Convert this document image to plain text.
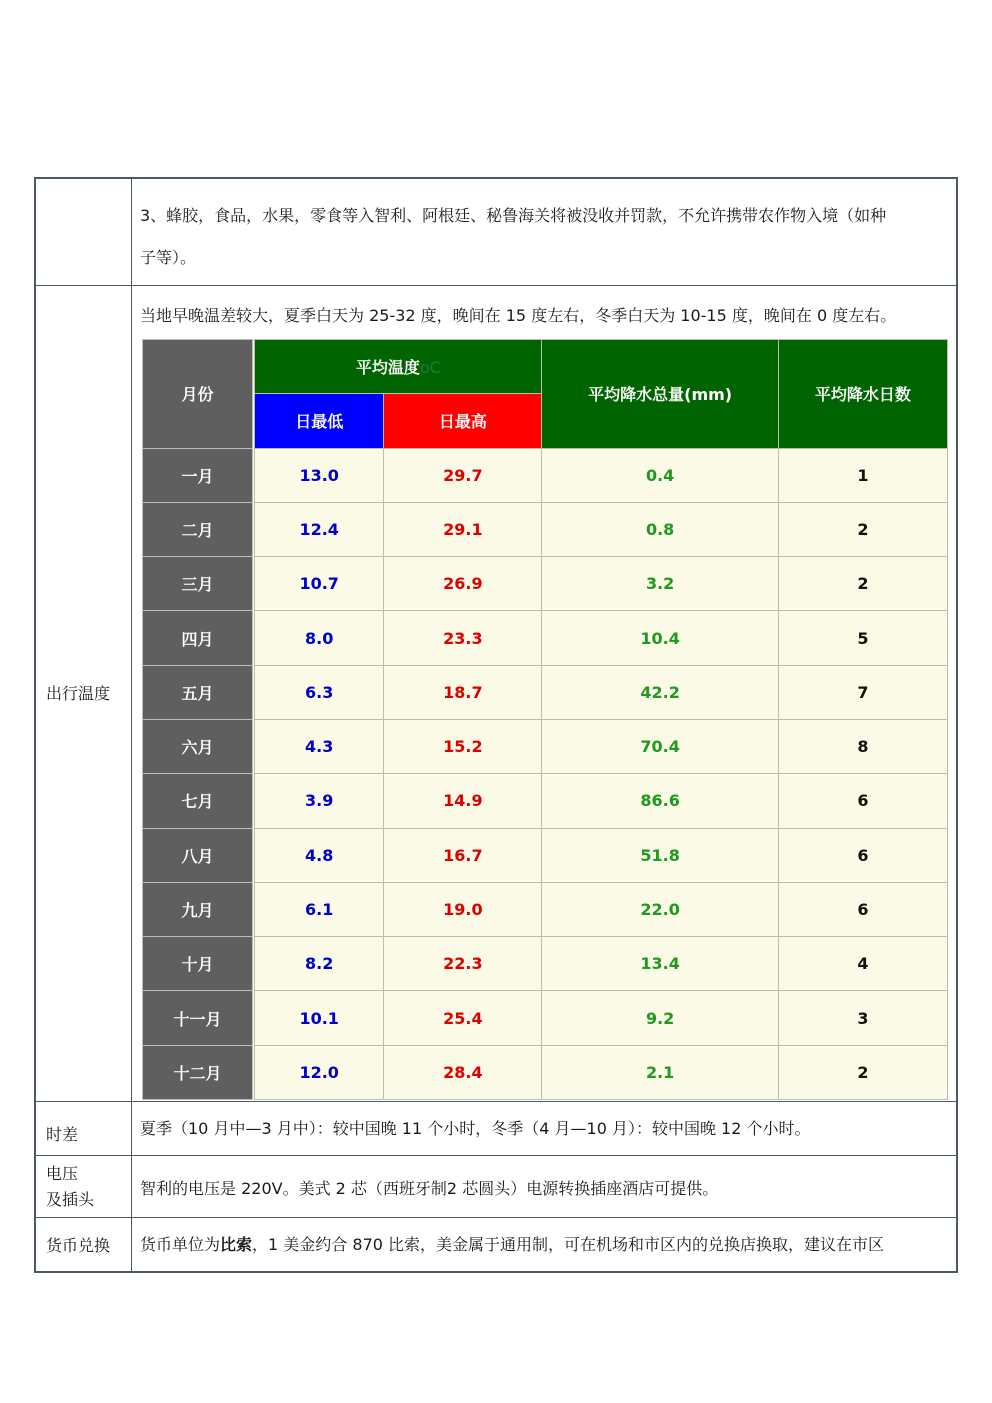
3、蜂胶，食品，水果，零食等入智利、阿根廷、秘鲁海关将被没收并罚款，不允许携带农作物入境（如种
子等）。
出行温度
当地早晚温差较大，夏季白天为 25-32 度，晚间在 15 度左右，冬季白天为 10-15 度，晚间在 0 度左右。
月份		平均温度oC		平均降水总量(mm)	平均降水日数
		日最低	日最高		
一月		13.0	29.7	0.4	1
二月		12.4	29.1	0.8	2
三月		10.7	26.9	3.2	2
四月		8.0	23.3	10.4	5
五月		6.3	18.7	42.2	7
六月		4.3	15.2	70.4	8
七月		3.9	14.9	86.6	6
八月		4.8	16.7	51.8	6
九月		6.1	19.0	22.0	6
十月		8.2	22.3	13.4	4
十一月		10.1	25.4	9.2	3
十二月		12.0	28.4	2.1	2
时差	夏季（10 月中—3 月中）：较中国晚 11 个小时，冬季（4 月—10 月）：较中国晚 12 个小时。
电压
及插头
智利的电压是 220V。美式 2 芯（西班牙制2 芯圆头）电源转换插座酒店可提供。
货币兑换	货币单位为比索，1 美金约合 870 比索，美金属于通用制，可在机场和市区内的兑换店换取，建议在市区
